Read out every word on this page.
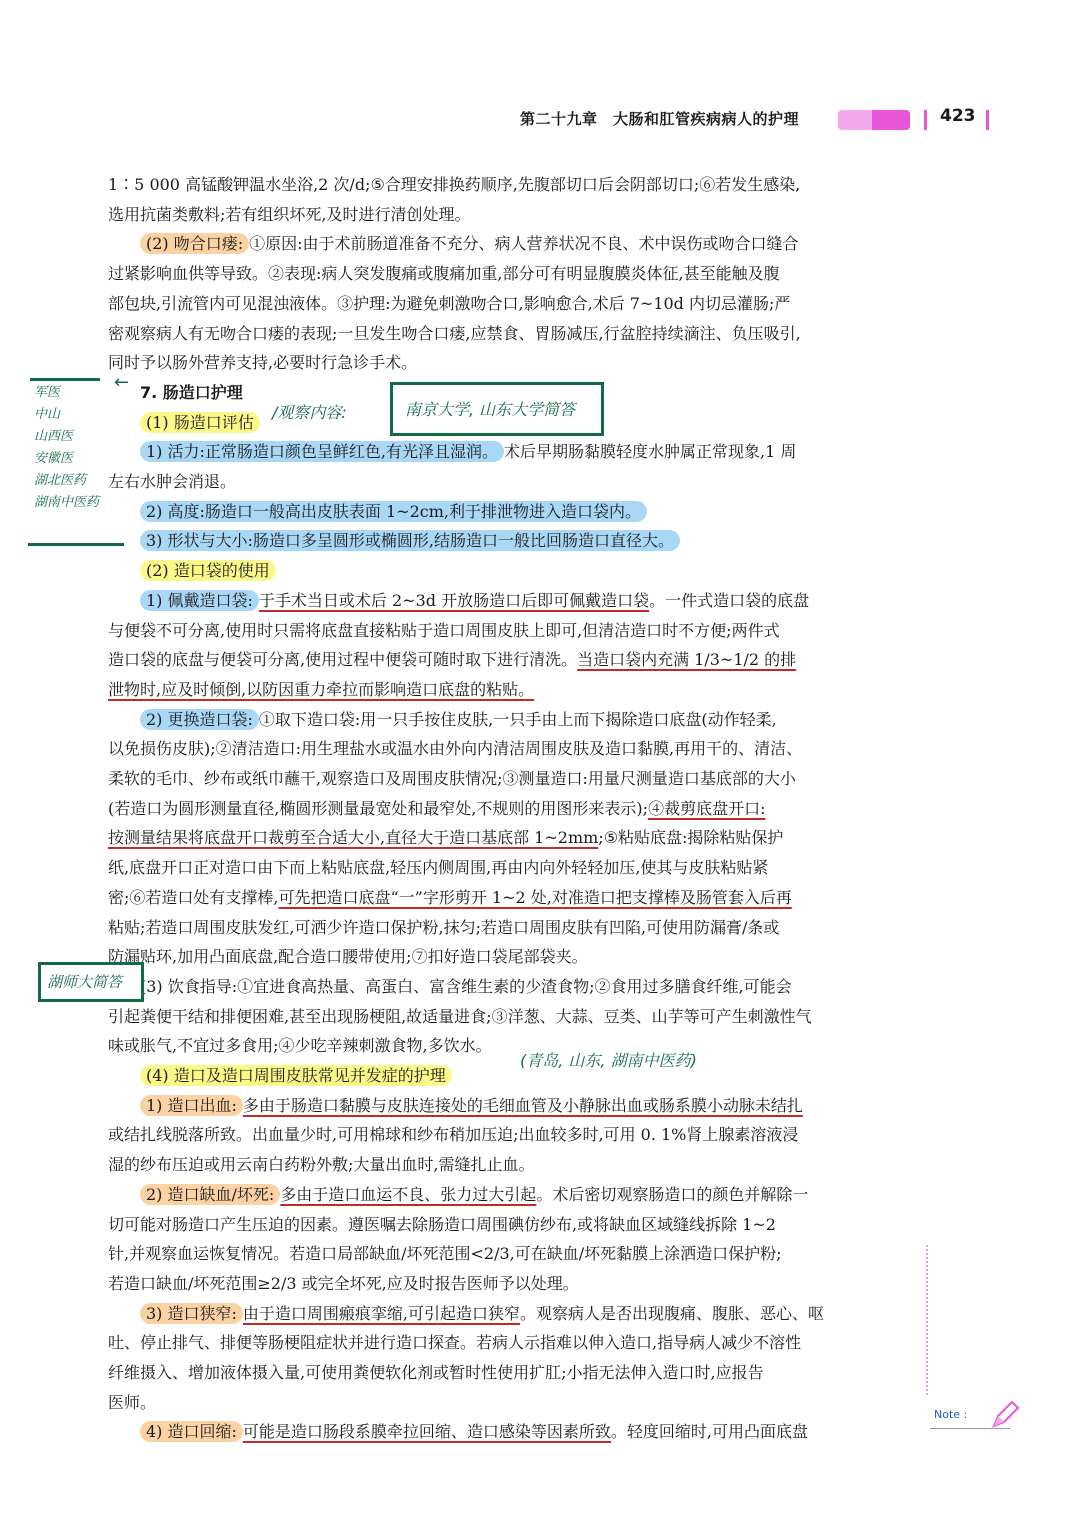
第二十九章　大肠和肛管疾病病人的护理	423
1∶5 000 高锰酸钾温水坐浴,2 次/d;⑤合理安排换药顺序,先腹部切口后会阴部切口;⑥若发生感染,
选用抗菌类敷料;若有组织坏死,及时进行清创处理。
(2) 吻合口瘘: ①原因:由于术前肠道准备不充分、病人营养状况不良、术中误伤或吻合口缝合
过紧影响血供等导致。②表现:病人突发腹痛或腹痛加重,部分可有明显腹膜炎体征,甚至能触及腹
部包块,引流管内可见混浊液体。③护理:为避免刺激吻合口,影响愈合,术后 7~10d 内切忌灌肠;严
密观察病人有无吻合口瘘的表现;一旦发生吻合口瘘,应禁食、胃肠减压,行盆腔持续滴注、负压吸引,
同时予以肠外营养支持,必要时行急诊手术。
7. 肠造口护理
(1) 肠造口评估
1) 活力:正常肠造口颜色呈鲜红色,有光泽且湿润。 术后早期肠黏膜轻度水肿属正常现象,1 周
左右水肿会消退。
2) 高度:肠造口一般高出皮肤表面 1~2cm,利于排泄物进入造口袋内。
3) 形状与大小:肠造口多呈圆形或椭圆形,结肠造口一般比回肠造口直径大。
(2) 造口袋的使用
1) 佩戴造口袋: 于手术当日或术后 2~3d 开放肠造口后即可佩戴造口袋。一件式造口袋的底盘
与便袋不可分离,使用时只需将底盘直接粘贴于造口周围皮肤上即可,但清洁造口时不方便;两件式
造口袋的底盘与便袋可分离,使用过程中便袋可随时取下进行清洗。当造口袋内充满 1/3~1/2 的排
泄物时,应及时倾倒,以防因重力牵拉而影响造口底盘的粘贴。
2) 更换造口袋: ①取下造口袋:用一只手按住皮肤,一只手由上而下揭除造口底盘(动作轻柔,
以免损伤皮肤);②清洁造口:用生理盐水或温水由外向内清洁周围皮肤及造口黏膜,再用干的、清洁、
柔软的毛巾、纱布或纸巾蘸干,观察造口及周围皮肤情况;③测量造口:用量尺测量造口基底部的大小
(若造口为圆形测量直径,椭圆形测量最宽处和最窄处,不规则的用图形来表示);④裁剪底盘开口:
按测量结果将底盘开口裁剪至合适大小,直径大于造口基底部 1~2mm;⑤粘贴底盘:揭除粘贴保护
纸,底盘开口正对造口由下而上粘贴底盘,轻压内侧周围,再由内向外轻轻加压,使其与皮肤粘贴紧
密;⑥若造口处有支撑棒,可先把造口底盘“一”字形剪开 1~2 处,对准造口把支撑棒及肠管套入后再
粘贴;若造口周围皮肤发红,可洒少许造口保护粉,抹匀;若造口周围皮肤有凹陷,可使用防漏膏/条或
防漏贴环,加用凸面底盘,配合造口腰带使用;⑦扣好造口袋尾部袋夹。
(3) 饮食指导:①宜进食高热量、高蛋白、富含维生素的少渣食物;②食用过多膳食纤维,可能会
引起粪便干结和排便困难,甚至出现肠梗阻,故适量进食;③洋葱、大蒜、豆类、山芋等可产生刺激性气
味或胀气,不宜过多食用;④少吃辛辣刺激食物,多饮水。
(4) 造口及造口周围皮肤常见并发症的护理
1) 造口出血: 多由于肠造口黏膜与皮肤连接处的毛细血管及小静脉出血或肠系膜小动脉未结扎
或结扎线脱落所致。出血量少时,可用棉球和纱布稍加压迫;出血较多时,可用 0. 1%肾上腺素溶液浸
湿的纱布压迫或用云南白药粉外敷;大量出血时,需缝扎止血。
2) 造口缺血/坏死: 多由于造口血运不良、张力过大引起。术后密切观察肠造口的颜色并解除一
切可能对肠造口产生压迫的因素。遵医嘱去除肠造口周围碘仿纱布,或将缺血区域缝线拆除 1~2
针,并观察血运恢复情况。若造口局部缺血/坏死范围<2/3,可在缺血/坏死黏膜上涂洒造口保护粉;
若造口缺血/坏死范围≥2/3 或完全坏死,应及时报告医师予以处理。
3) 造口狭窄: 由于造口周围瘢痕挛缩,可引起造口狭窄。观察病人是否出现腹痛、腹胀、恶心、呕
吐、停止排气、排便等肠梗阻症状并进行造口探查。若病人示指难以伸入造口,指导病人减少不溶性
纤维摄入、增加液体摄入量,可使用粪便软化剂或暂时性使用扩肛;小指无法伸入造口时,应报告
医师。
4) 造口回缩: 可能是造口肠段系膜牵拉回缩、造口感染等因素所致。轻度回缩时,可用凸面底盘
军医
中山
山西医
安徽医
湖北医药
湖南中医药
←
/观察内容:	南京大学, 山东大学简答
湖师大简答
(青岛, 山东, 湖南中医药)
Note :
